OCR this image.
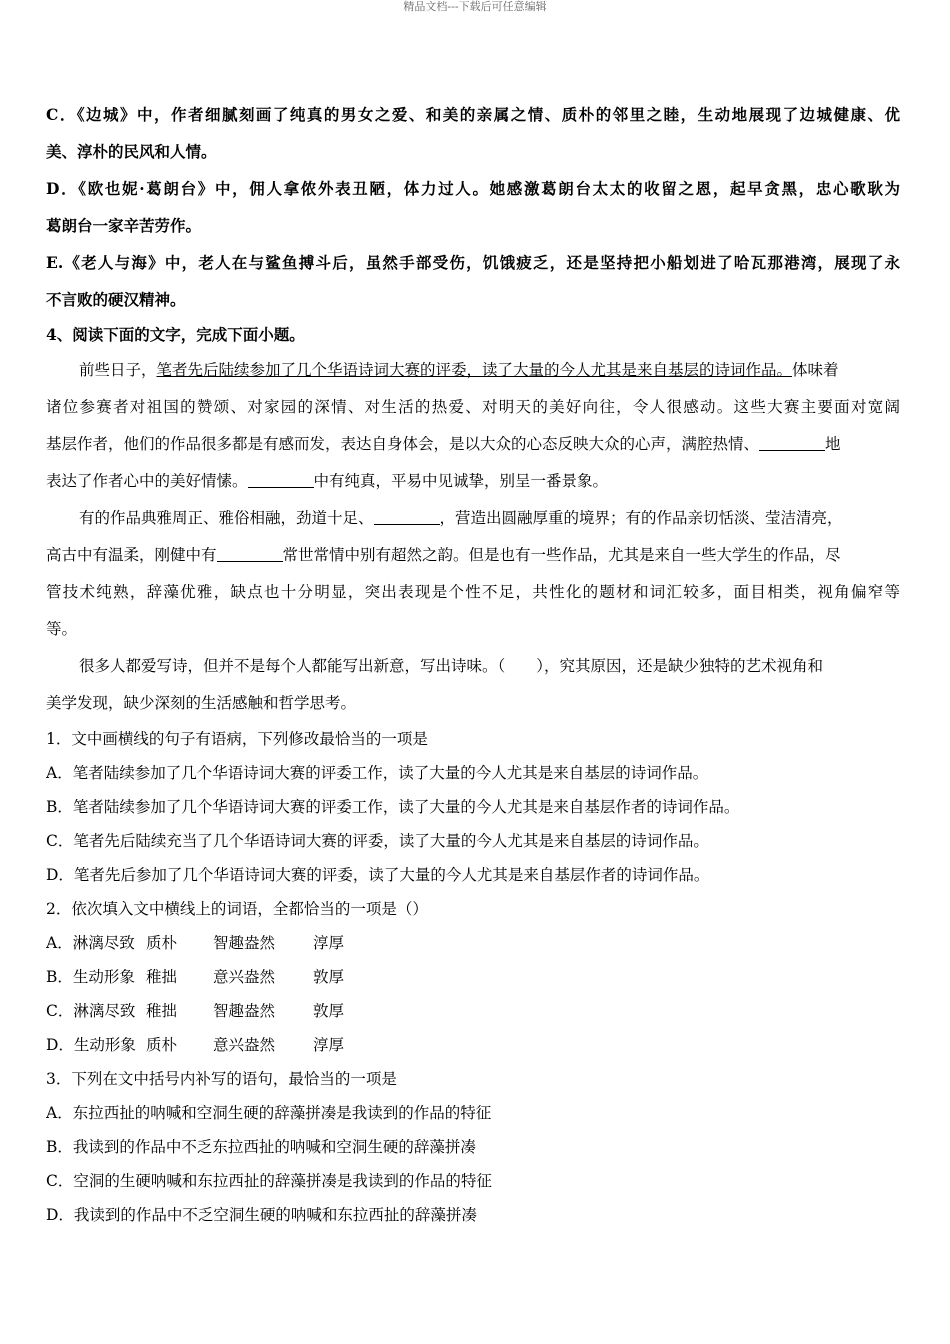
精品文档---下载后可任意编辑
C．《边城》中，作者细腻刻画了纯真的男女之爱、和美的亲属之情、质朴的邻里之睦，生动地展现了边城健康、优
美、淳朴的民风和人情。
D．《欧也妮·葛朗台》中，佣人拿侬外表丑陋，体力过人。她感激葛朗台太太的收留之恩，起早贪黑，忠心歌耿为
葛朗台一家辛苦劳作。
E.《老人与海》中，老人在与鲨鱼搏斗后，虽然手部受伤，饥饿疲乏，还是坚持把小船划进了哈瓦那港湾，展现了永
不言败的硬汉精神。
4、阅读下面的文字，完成下面小题。
前些日子，笔者先后陆续参加了几个华语诗词大赛的评委，读了大量的今人尤其是来自基层的诗词作品。体味着
诸位参赛者对祖国的赞颂、对家园的深情、对生活的热爱、对明天的美好向往，令人很感动。这些大赛主要面对宽阔
基层作者，他们的作品很多都是有感而发，表达自身体会，是以大众的心态反映大众的心声，满腔热情、	地
表达了作者心中的美好情愫。	中有纯真，平易中见诚挚，别呈一番景象。
有的作品典雅周正、雅俗相融，劲道十足、	，营造出圆融厚重的境界；有的作品亲切恬淡、莹洁清亮，
高古中有温柔，刚健中有	常世常情中别有超然之韵。但是也有一些作品，尤其是来自一些大学生的作品，尽
管技术纯熟，辞藻优雅，缺点也十分明显，突出表现是个性不足，共性化的题材和词汇较多，面目相类，视角偏窄等
等。
很多人都爱写诗，但并不是每个人都能写出新意，写出诗味。（　　），究其原因，还是缺少独特的艺术视角和
美学发现，缺少深刻的生活感触和哲学思考。
1．文中画横线的句子有语病，下列修改最恰当的一项是
A．笔者陆续参加了几个华语诗词大赛的评委工作，读了大量的今人尤其是来自基层的诗词作品。
B．笔者陆续参加了几个华语诗词大赛的评委工作，读了大量的今人尤其是来自基层作者的诗词作品。
C．笔者先后陆续充当了几个华语诗词大赛的评委，读了大量的今人尤其是来自基层的诗词作品。
D．笔者先后参加了几个华语诗词大赛的评委，读了大量的今人尤其是来自基层作者的诗词作品。
2．依次填入文中横线上的词语，全都恰当的一项是（）
A．淋漓尽致 质朴 智趣盎然 淳厚
B．生动形象 稚拙 意兴盎然 敦厚
C．淋漓尽致 稚拙 智趣盎然 敦厚
D．生动形象 质朴 意兴盎然 淳厚
3．下列在文中括号内补写的语句，最恰当的一项是
A．东拉西扯的呐喊和空洞生硬的辞藻拼凑是我读到的作品的特征
B．我读到的作品中不乏东拉西扯的呐喊和空洞生硬的辞藻拼凑
C．空洞的生硬呐喊和东拉西扯的辞藻拼凑是我读到的作品的特征
D．我读到的作品中不乏空洞生硬的呐喊和东拉西扯的辞藻拼凑
